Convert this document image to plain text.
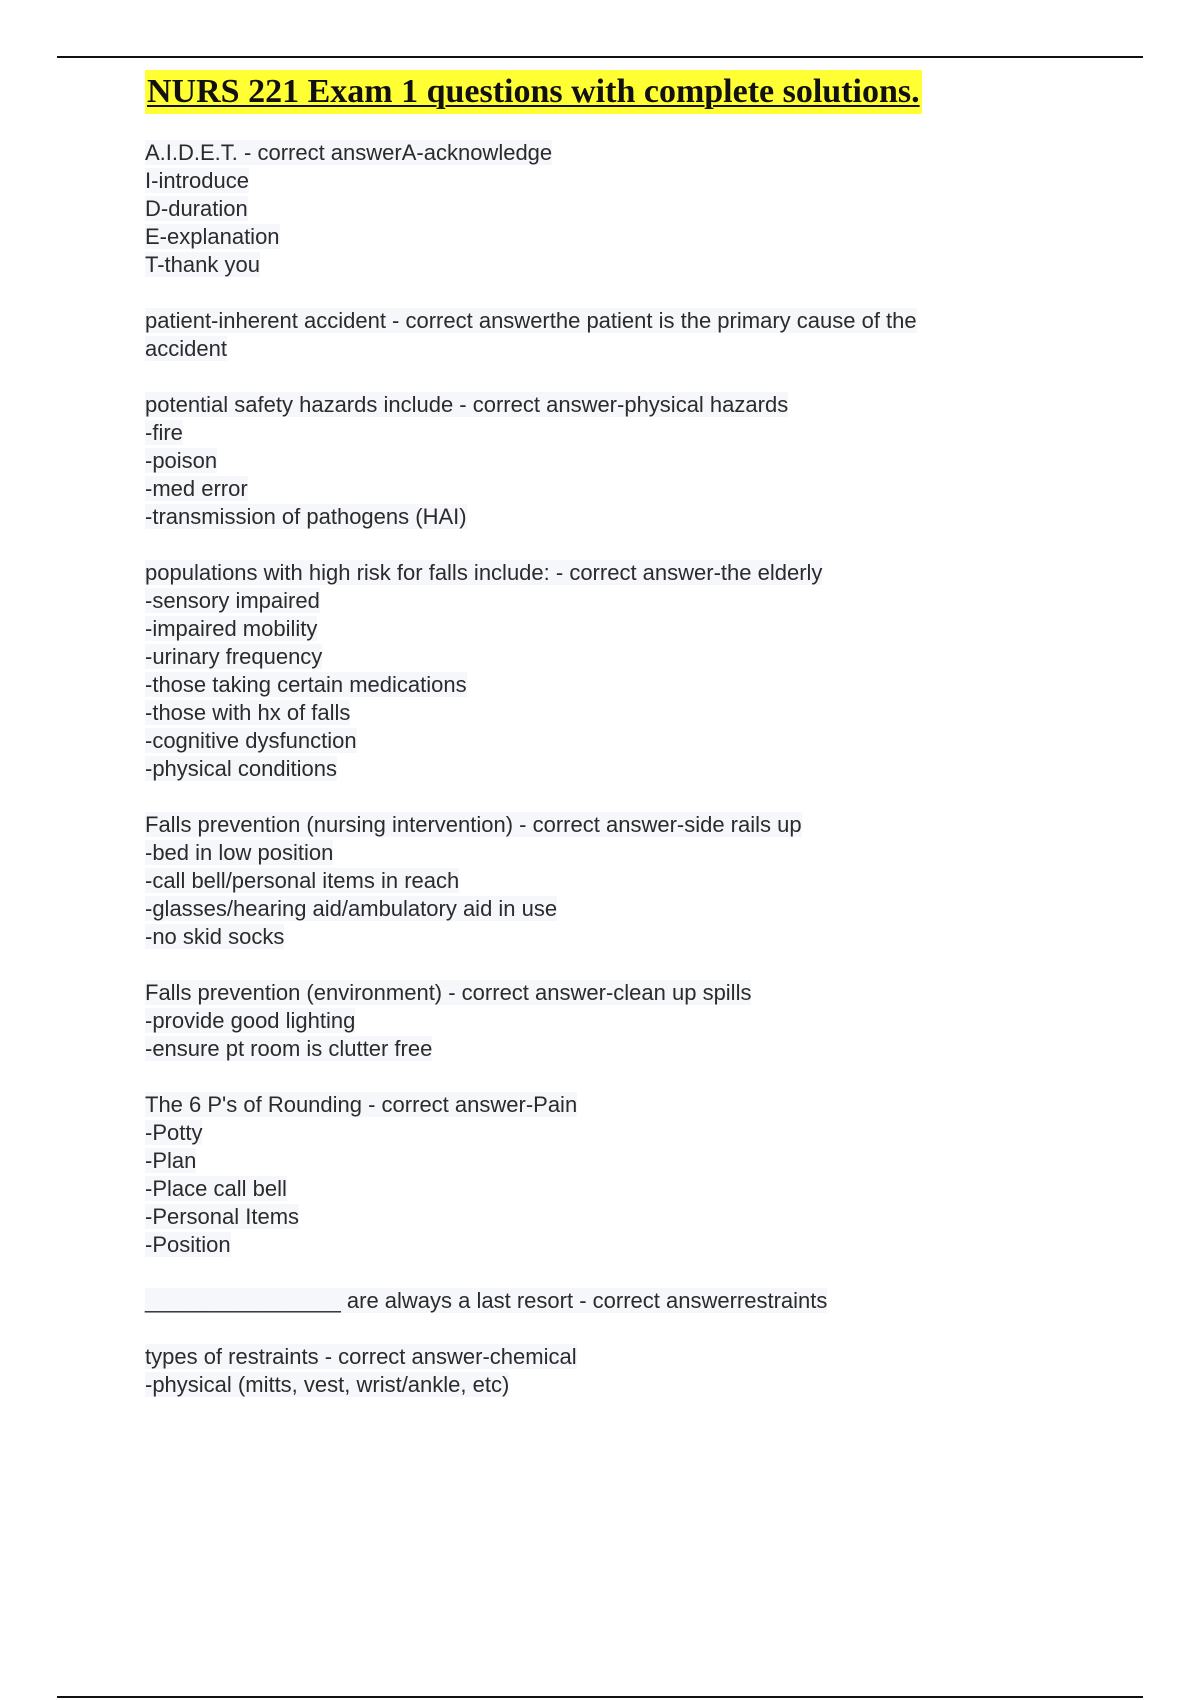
NURS 221 Exam 1 questions with complete solutions.
A.I.D.E.T. - correct answerA-acknowledge
I-introduce
D-duration
E-explanation
T-thank you
patient-inherent accident - correct answerthe patient is the primary cause of the
accident
potential safety hazards include - correct answer-physical hazards
-fire
-poison
-med error
-transmission of pathogens (HAI)
populations with high risk for falls include: - correct answer-the elderly
-sensory impaired
-impaired mobility
-urinary frequency
-those taking certain medications
-those with hx of falls
-cognitive dysfunction
-physical conditions
Falls prevention (nursing intervention) - correct answer-side rails up
-bed in low position
-call bell/personal items in reach
-glasses/hearing aid/ambulatory aid in use
-no skid socks
Falls prevention (environment) - correct answer-clean up spills
-provide good lighting
-ensure pt room is clutter free
The 6 P's of Rounding - correct answer-Pain
-Potty
-Plan
-Place call bell
-Personal Items
-Position
________________ are always a last resort - correct answerrestraints
types of restraints - correct answer-chemical
-physical (mitts, vest, wrist/ankle, etc)
